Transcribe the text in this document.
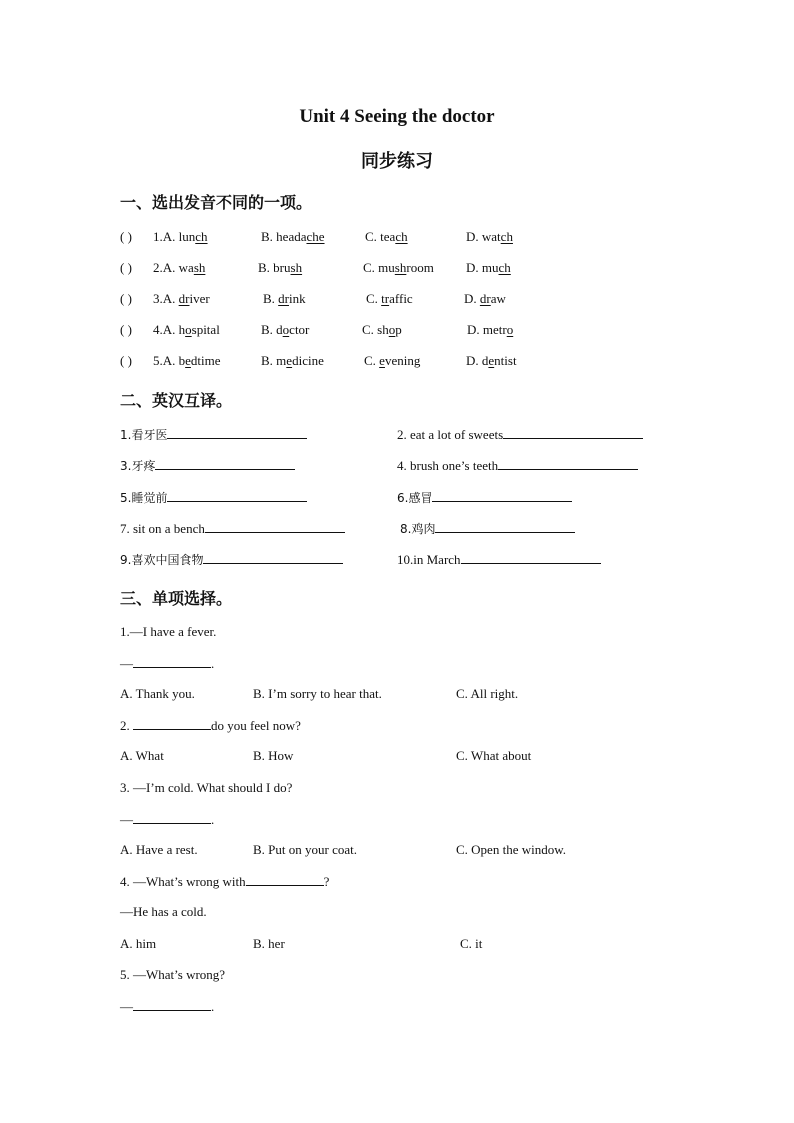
Unit 4 Seeing the doctor
同步练习
一、选出发音不同的一项。
( ) 1.A. lunch	B. headаche	C. teach	D. watch
( ) 2.A. wash	B. brush	C. mushroom D. much
( ) 3.A. driver	B. drink	C. traffic	D. draw
( ) 4.A. hospital	B. doctor	C. shop	D. metro
( ) 5.A. bedtime	B. medicine	C. evening	D. dentist
二、英汉互译。
1.看牙医	2. eat a lot of sweets
3.牙疼	4. brush one’s teeth
5.睡觉前	6.感冒
7. sit on a bench	8.鸡肉
9.喜欢中国食物	10.in March
三、单项选择。
1.—I have a fever.
—	.
A. Thank you.	B. I’m sorry to hear that.	C. All right.
2.	do you feel now?
A. What	B. How	C. What about
3. —I’m cold. What should I do?
—	.
A. Have a rest.	B. Put on your coat.	C. Open the window.
4. —What’s wrong with	?
—He has a cold.
A. him	B. her	C. it
5. —What’s wrong?
—	.
